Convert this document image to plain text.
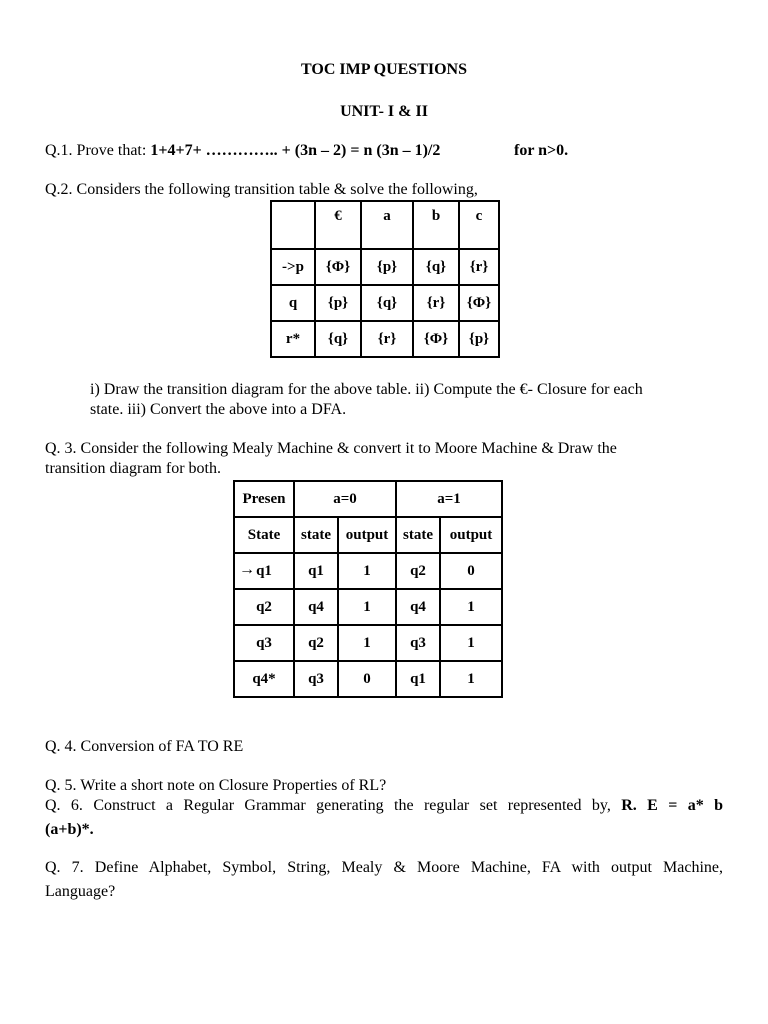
TOC IMP QUESTIONS
UNIT- I & II
Q.1. Prove that: 1+4+7+ ………….. + (3n – 2) = n (3n – 1)/2	for n>0.
Q.2. Considers the following transition table & solve the following,
	€	a	b	c
->p	{Φ}	{p}	{q}	{r}
q	{p}	{q}	{r}	{Φ}
r*	{q}	{r}	{Φ}	{p}
i) Draw the transition diagram for the above table. ii) Compute the €- Closure for each
state. iii) Convert the above into a DFA.
Q. 3. Consider the following Mealy Machine & convert it to Moore Machine & Draw the
transition diagram for both.
Presen	a=0		a=1	
State	state	output	state	output

→ q1	q1	1	q2	0
q2	q4	1	q4	1
q3	q2	1	q3	1
q4*	q3	0	q1	1
Q. 4. Conversion of FA TO RE
Q. 5. Write a short note on Closure Properties of RL?
Q. 6. Construct a Regular Grammar generating the regular set represented by, R. E = a* b
(a+b)*.
Q. 7. Define Alphabet, Symbol, String, Mealy & Moore Machine, FA with output Machine,
Language?
